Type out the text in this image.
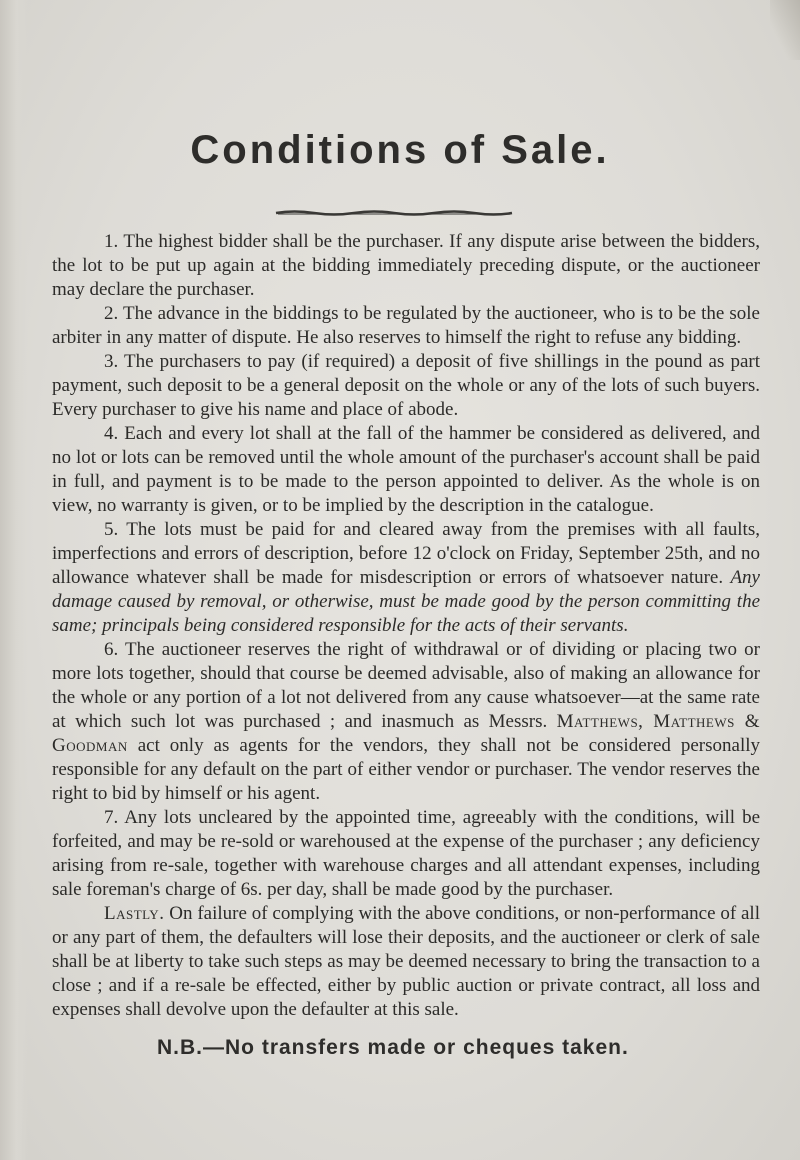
Conditions of Sale.

1. The highest bidder shall be the purchaser. If any dispute arise between the bidders, the lot to be put up again at the bidding immediately preceding dispute, or the auctioneer may declare the purchaser.

2. The advance in the biddings to be regulated by the auctioneer, who is to be the sole arbiter in any matter of dispute. He also reserves to himself the right to refuse any bidding.

3. The purchasers to pay (if required) a deposit of five shillings in the pound as part payment, such deposit to be a general deposit on the whole or any of the lots of such buyers. Every purchaser to give his name and place of abode.

4. Each and every lot shall at the fall of the hammer be considered as delivered, and no lot or lots can be removed until the whole amount of the purchaser's account shall be paid in full, and payment is to be made to the person appointed to deliver. As the whole is on view, no warranty is given, or to be implied by the description in the catalogue.

5. The lots must be paid for and cleared away from the premises with all faults, imperfections and errors of description, before 12 o'clock on Friday, September 25th, and no allowance whatever shall be made for misdescription or errors of whatsoever nature. Any damage caused by removal, or otherwise, must be made good by the person committing the same; principals being considered responsible for the acts of their servants.

6. The auctioneer reserves the right of withdrawal or of dividing or placing two or more lots together, should that course be deemed advisable, also of making an allowance for the whole or any portion of a lot not delivered from any cause whatsoever—at the same rate at which such lot was purchased ; and inasmuch as Messrs. Matthews, Matthews & Goodman act only as agents for the vendors, they shall not be considered personally responsible for any default on the part of either vendor or purchaser. The vendor reserves the right to bid by himself or his agent.

7. Any lots uncleared by the appointed time, agreeably with the conditions, will be forfeited, and may be re-sold or warehoused at the expense of the purchaser ; any deficiency arising from re-sale, together with warehouse charges and all attendant expenses, including sale foreman's charge of 6s. per day, shall be made good by the purchaser.

Lastly. On failure of complying with the above conditions, or non-performance of all or any part of them, the defaulters will lose their deposits, and the auctioneer or clerk of sale shall be at liberty to take such steps as may be deemed necessary to bring the transaction to a close ; and if a re-sale be effected, either by public auction or private contract, all loss and expenses shall devolve upon the defaulter at this sale.

N.B.—No transfers made or cheques taken.
